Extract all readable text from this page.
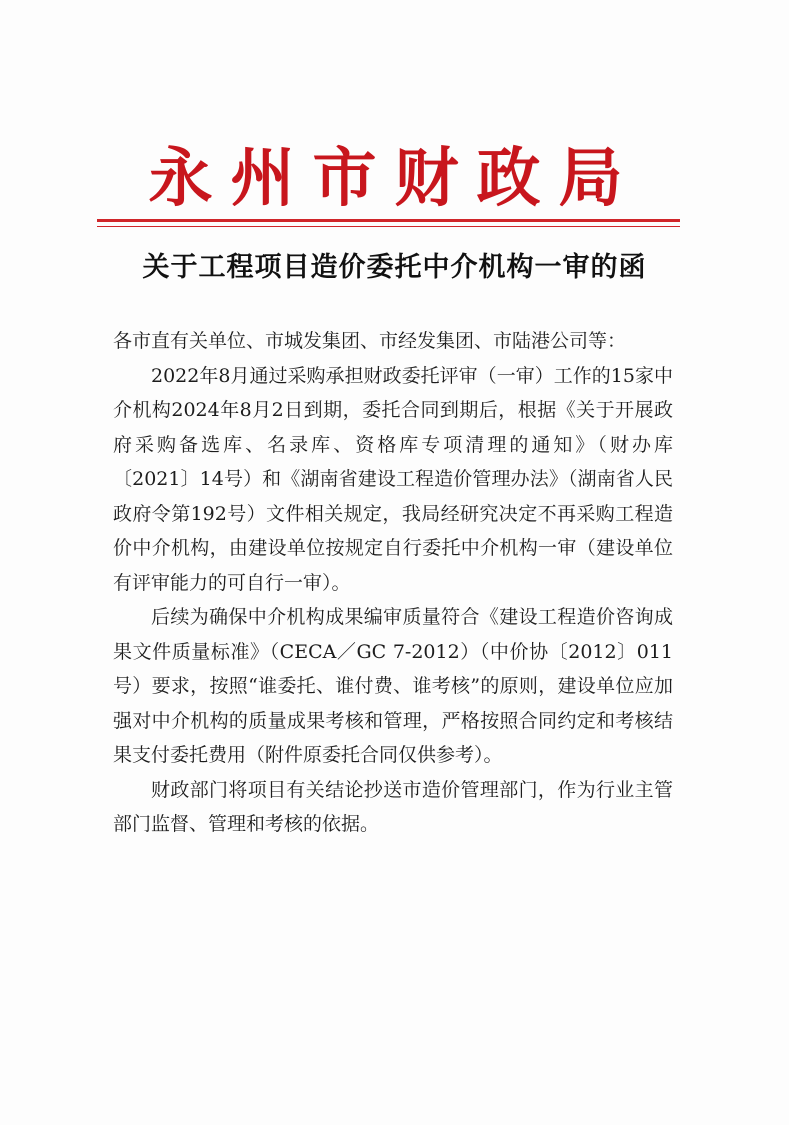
永州市财政局
关于工程项目造价委托中介机构一审的函

各市直有关单位、市城发集团、市经发集团、市陆港公司等：

2022年8月通过采购承担财政委托评审（一审）工作的15家中介机构2024年8月2日到期，委托合同到期后，根据《关于开展政府采购备选库、名录库、资格库专项清理的通知》（财办库〔2021〕14号）和《湖南省建设工程造价管理办法》（湖南省人民政府令第192号）文件相关规定，我局经研究决定不再采购工程造价中介机构，由建设单位按规定自行委托中介机构一审（建设单位有评审能力的可自行一审）。

后续为确保中介机构成果编审质量符合《建设工程造价咨询成果文件质量标准》（CECA／GC 7-2012）（中价协〔2012〕011号）要求，按照“谁委托、谁付费、谁考核”的原则，建设单位应加强对中介机构的质量成果考核和管理，严格按照合同约定和考核结果支付委托费用（附件原委托合同仅供参考）。

财政部门将项目有关结论抄送市造价管理部门，作为行业主管部门监督、管理和考核的依据。
